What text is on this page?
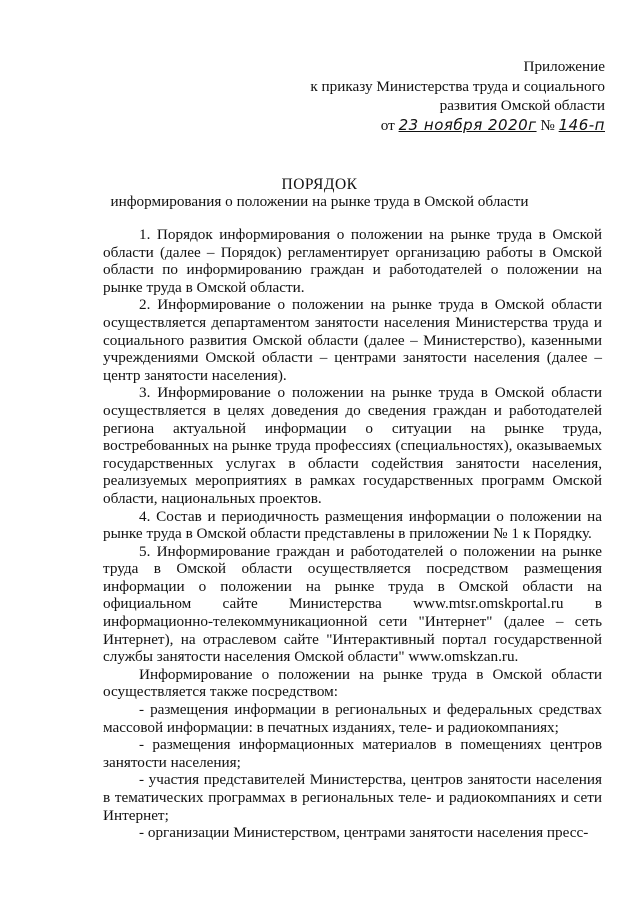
Приложение
к приказу Министерства труда и социального
развития Омской области
от 23 ноября 2020г № 146-п
ПОРЯДОК
информирования о положении на рынке труда в Омской области

1. Порядок информирования о положении на рынке труда в Омской области (далее – Порядок) регламентирует организацию работы в Омской области по информированию граждан и работодателей о положении на рынке труда в Омской области.

2. Информирование о положении на рынке труда в Омской области осуществляется департаментом занятости населения Министерства труда и социального развития Омской области (далее – Министерство), казенными учреждениями Омской области – центрами занятости населения (далее – центр занятости населения).

3. Информирование о положении на рынке труда в Омской области осуществляется в целях доведения до сведения граждан и работодателей региона актуальной информации о ситуации на рынке труда, востребованных на рынке труда профессиях (специальностях), оказываемых государственных услугах в области содействия занятости населения, реализуемых мероприятиях в рамках государственных программ Омской области, национальных проектов.

4. Состав и периодичность размещения информации о положении на рынке труда в Омской области представлены в приложении № 1 к Порядку.

5. Информирование граждан и работодателей о положении на рынке труда в Омской области осуществляется посредством размещения информации о положении на рынке труда в Омской области на официальном сайте Министерства www.mtsr.omskportal.ru в информационно-телекоммуникационной сети "Интернет" (далее – сеть Интернет), на отраслевом сайте "Интерактивный портал государственной службы занятости населения Омской области" www.omskzan.ru.

Информирование о положении на рынке труда в Омской области осуществляется также посредством:

- размещения информации в региональных и федеральных средствах массовой информации: в печатных изданиях, теле- и радиокомпаниях;

- размещения информационных материалов в помещениях центров занятости населения;

- участия представителей Министерства, центров занятости населения в тематических программах в региональных теле- и радиокомпаниях и сети Интернет;

- организации Министерством, центрами занятости населения пресс-
